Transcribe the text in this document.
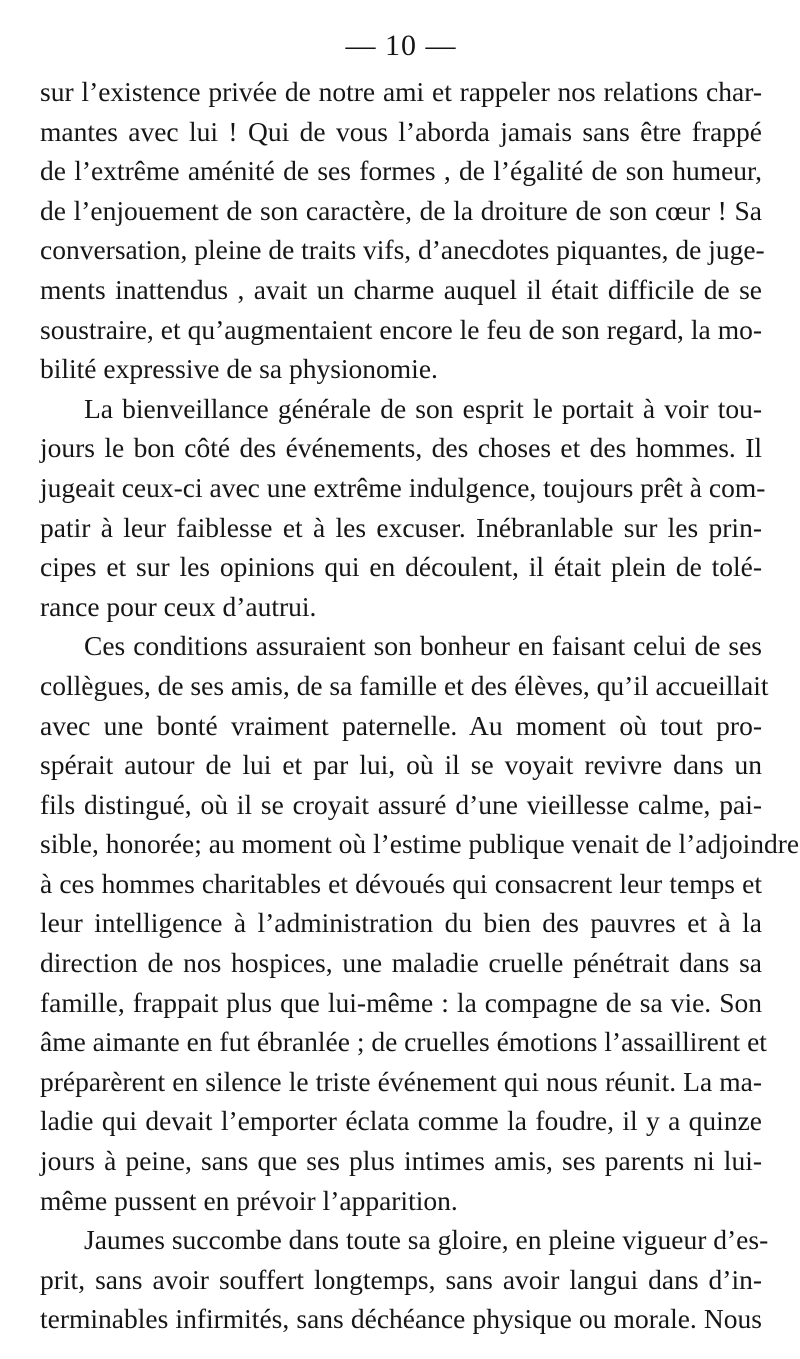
— 10 —
sur l’existence privée de notre ami et rappeler nos relations char-
mantes avec lui ! Qui de vous l’aborda jamais sans être frappé
de l’extrême aménité de ses formes , de l’égalité de son humeur,
de l’enjouement de son caractère, de la droiture de son cœur ! Sa
conversation, pleine de traits vifs, d’anecdotes piquantes, de juge-
ments inattendus , avait un charme auquel il était difficile de se
soustraire, et qu’augmentaient encore le feu de son regard, la mo-
bilité expressive de sa physionomie.
La bienveillance générale de son esprit le portait à voir tou-
jours le bon côté des événements, des choses et des hommes. Il
jugeait ceux-ci avec une extrême indulgence, toujours prêt à com-
patir à leur faiblesse et à les excuser. Inébranlable sur les prin-
cipes et sur les opinions qui en découlent, il était plein de tolé-
rance pour ceux d’autrui.
Ces conditions assuraient son bonheur en faisant celui de ses
collègues, de ses amis, de sa famille et des élèves, qu’il accueillait
avec une bonté vraiment paternelle. Au moment où tout pro-
spérait autour de lui et par lui, où il se voyait revivre dans un
fils distingué, où il se croyait assuré d’une vieillesse calme, pai-
sible, honorée; au moment où l’estime publique venait de l’adjoindre
à ces hommes charitables et dévoués qui consacrent leur temps et
leur intelligence à l’administration du bien des pauvres et à la
direction de nos hospices, une maladie cruelle pénétrait dans sa
famille, frappait plus que lui-même : la compagne de sa vie. Son
âme aimante en fut ébranlée ; de cruelles émotions l’assaillirent et
préparèrent en silence le triste événement qui nous réunit. La ma-
ladie qui devait l’emporter éclata comme la foudre, il y a quinze
jours à peine, sans que ses plus intimes amis, ses parents ni lui-
même pussent en prévoir l’apparition.
Jaumes succombe dans toute sa gloire, en pleine vigueur d’es-
prit, sans avoir souffert longtemps, sans avoir langui dans d’in-
terminables infirmités, sans déchéance physique ou morale. Nous
